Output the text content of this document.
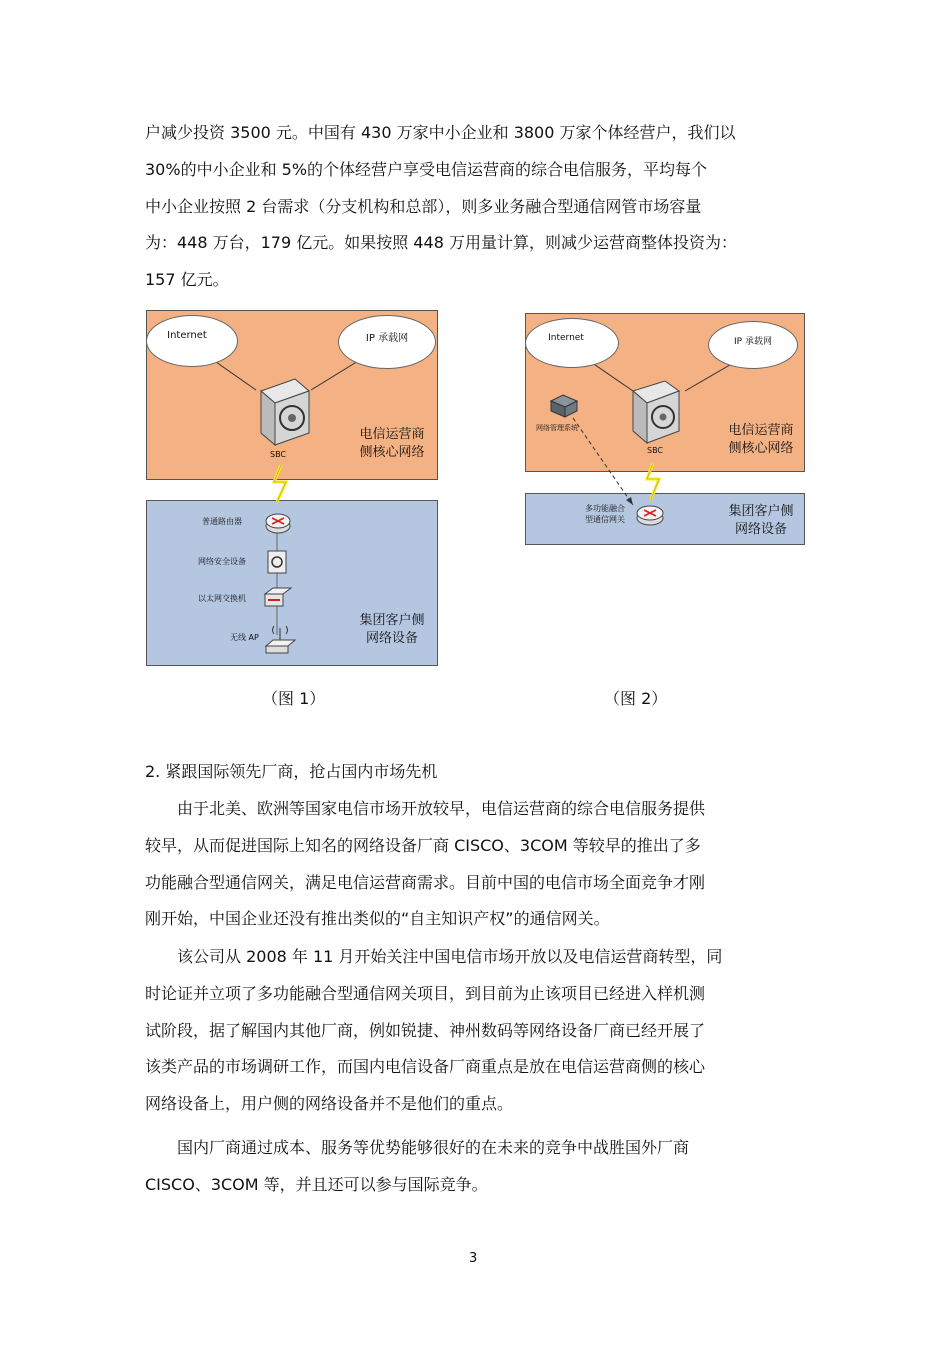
户减少投资 3500 元。中国有 430 万家中小企业和 3800 万家个体经营户，我们以
30%的中小企业和 5%的个体经营户享受电信运营商的综合电信服务，平均每个
中小企业按照 2 台需求（分支机构和总部），则多业务融合型通信网管市场容量
为：448 万台，179 亿元。如果按照 448 万用量计算，则减少运营商整体投资为：
157 亿元。
Internet	IP 承载网
SBC
电信运营商
侧核心网络
普通路由器
网络安全设备
以太网交换机
无线 AP
集团客户侧
网络设备
（图 1）
Internet	IP 承载网
SBC
网络管理系统	电信运营商
侧核心网络
多功能融合
型通信网关
集团客户侧
网络设备
（图 2）
2. 紧跟国际领先厂商，抢占国内市场先机
由于北美、欧洲等国家电信市场开放较早，电信运营商的综合电信服务提供
较早，从而促进国际上知名的网络设备厂商 CISCO、3COM 等较早的推出了多
功能融合型通信网关，满足电信运营商需求。目前中国的电信市场全面竞争才刚
刚开始，中国企业还没有推出类似的“自主知识产权”的通信网关。
该公司从 2008 年 11 月开始关注中国电信市场开放以及电信运营商转型，同
时论证并立项了多功能融合型通信网关项目，到目前为止该项目已经进入样机测
试阶段，据了解国内其他厂商，例如锐捷、神州数码等网络设备厂商已经开展了
该类产品的市场调研工作，而国内电信设备厂商重点是放在电信运营商侧的核心
网络设备上，用户侧的网络设备并不是他们的重点。
国内厂商通过成本、服务等优势能够很好的在未来的竞争中战胜国外厂商
CISCO、3COM 等，并且还可以参与国际竞争。
3
